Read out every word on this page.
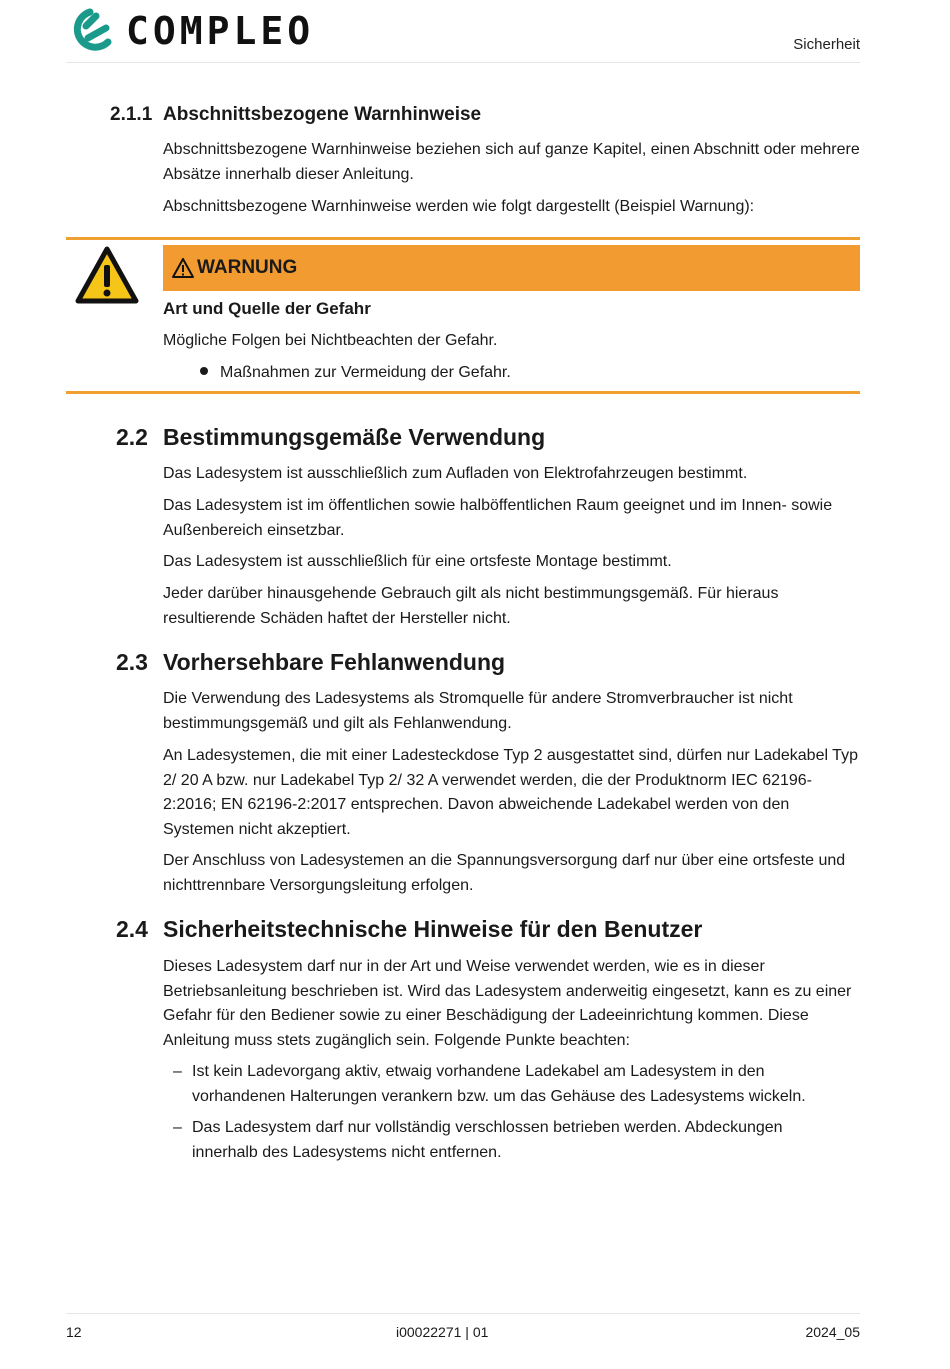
COMPLEO	Sicherheit
2.1.1 Abschnittsbezogene Warnhinweise
Abschnittsbezogene Warnhinweise beziehen sich auf ganze Kapitel, einen Abschnitt oder mehrere Absätze innerhalb dieser Anleitung.
Abschnittsbezogene Warnhinweise werden wie folgt dargestellt (Beispiel Warnung):
WARNUNG
Art und Quelle der Gefahr
Mögliche Folgen bei Nichtbeachten der Gefahr.
Maßnahmen zur Vermeidung der Gefahr.
2.2 Bestimmungsgemäße Verwendung
Das Ladesystem ist ausschließlich zum Aufladen von Elektrofahrzeugen bestimmt.
Das Ladesystem ist im öffentlichen sowie halböffentlichen Raum geeignet und im Innen- sowie Außenbereich einsetzbar.
Das Ladesystem ist ausschließlich für eine ortsfeste Montage bestimmt.
Jeder darüber hinausgehende Gebrauch gilt als nicht bestimmungsgemäß. Für hieraus resultierende Schäden haftet der Hersteller nicht.
2.3 Vorhersehbare Fehlanwendung
Die Verwendung des Ladesystems als Stromquelle für andere Stromverbraucher ist nicht bestimmungsgemäß und gilt als Fehlanwendung.
An Ladesystemen, die mit einer Ladesteckdose Typ 2 ausgestattet sind, dürfen nur Ladekabel Typ 2/ 20 A bzw. nur Ladekabel Typ 2/ 32 A verwendet werden, die der Produktnorm IEC 62196-2:2016; EN 62196-2:2017 entsprechen. Davon abweichende Ladekabel werden von den Systemen nicht akzeptiert.
Der Anschluss von Ladesystemen an die Spannungsversorgung darf nur über eine ortsfeste und nichttrennbare Versorgungsleitung erfolgen.
2.4 Sicherheitstechnische Hinweise für den Benutzer
Dieses Ladesystem darf nur in der Art und Weise verwendet werden, wie es in dieser Betriebsanleitung beschrieben ist. Wird das Ladesystem anderweitig eingesetzt, kann es zu einer Gefahr für den Bediener sowie zu einer Beschädigung der Ladeeinrichtung kommen. Diese Anleitung muss stets zugänglich sein. Folgende Punkte beachten:
– Ist kein Ladevorgang aktiv, etwaig vorhandene Ladekabel am Ladesystem in den vorhandenen Halterungen verankern bzw. um das Gehäuse des Ladesystems wickeln.
– Das Ladesystem darf nur vollständig verschlossen betrieben werden. Abdeckungen innerhalb des Ladesystems nicht entfernen.
12	i00022271 | 01	2024_05
